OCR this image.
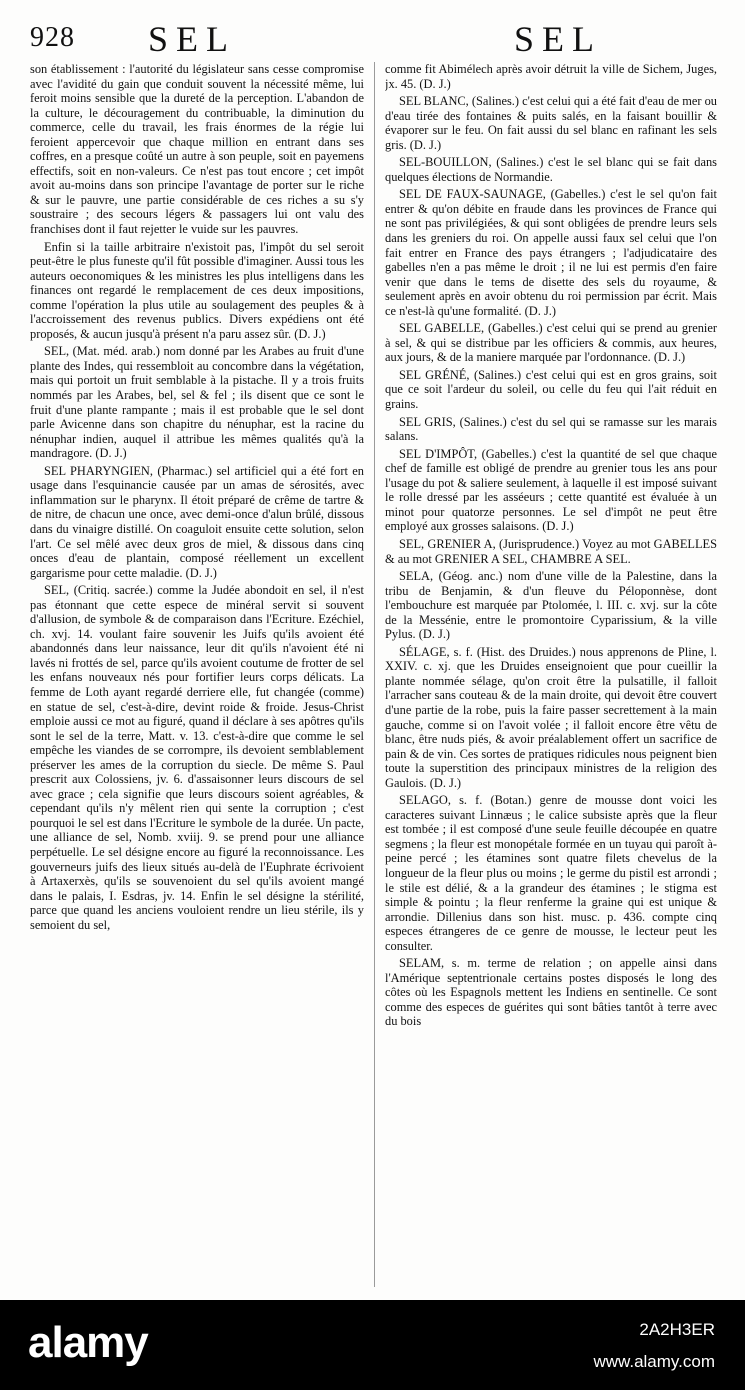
928 SEL	SEL

son établissement : l'autorité du législateur sans cesse compromise avec l'avidité du gain que conduit souvent la nécessité même, lui feroit moins sensible que la dureté de la perception. L'abandon de la culture, le découragement du contribuable, la diminution du commerce, celle du travail, les frais énormes de la régie lui feroient appercevoir que chaque million en entrant dans ses coffres, en a presque coûté un autre à son peuple, soit en payemens effectifs, soit en non-valeurs. Ce n'est pas tout encore ; cet impôt avoit au-moins dans son principe l'avantage de porter sur le riche & sur le pauvre, une partie considérable de ces riches a su s'y soustraire ; des secours légers & passagers lui ont valu des franchises dont il faut rejetter le vuide sur les pauvres.

Enfin si la taille arbitraire n'existoit pas, l'impôt du sel seroit peut-être le plus funeste qu'il fût possible d'imaginer. Aussi tous les auteurs oeconomiques & les ministres les plus intelligens dans les finances ont regardé le remplacement de ces deux impositions, comme l'opération la plus utile au soulagement des peuples & à l'accroissement des revenus publics. Divers expédiens ont été proposés, & aucun jusqu'à présent n'a paru assez sûr. (D. J.)

SEL, (Mat. méd. arab.) nom donné par les Arabes au fruit d'une plante des Indes, qui ressembloit au concombre dans la végétation, mais qui portoit un fruit semblable à la pistache. Il y a trois fruits nommés par les Arabes, bel, sel & fel ; ils disent que ce sont le fruit d'une plante rampante ; mais il est probable que le sel dont parle Avicenne dans son chapitre du nénuphar, est la racine du nénuphar indien, auquel il attribue les mêmes qualités qu'à la mandragore. (D. J.)

SEL PHARYNGIEN, (Pharmac.) sel artificiel qui a été fort en usage dans l'esquinancie causée par un amas de sérosités, avec inflammation sur le pharynx. Il étoit préparé de crême de tartre & de nitre, de chacun une once, avec demi-once d'alun brûlé, dissous dans du vinaigre distillé. On coaguloit ensuite cette solution, selon l'art. Ce sel mêlé avec deux gros de miel, & dissous dans cinq onces d'eau de plantain, composé réellement un excellent gargarisme pour cette maladie. (D. J.)

SEL, (Critiq. sacrée.) comme la Judée abondoit en sel, il n'est pas étonnant que cette espece de minéral servit si souvent d'allusion, de symbole & de comparaison dans l'Ecriture. Ezéchiel, ch. xvj. 14. voulant faire souvenir les Juifs qu'ils avoient été abandonnés dans leur naissance, leur dit qu'ils n'avoient été ni lavés ni frottés de sel, parce qu'ils avoient coutume de frotter de sel les enfans nouveaux nés pour fortifier leurs corps délicats. La femme de Loth ayant regardé derriere elle, fut changée (comme) en statue de sel, c'est-à-dire, devint roide & froide. Jesus-Christ emploie aussi ce mot au figuré, quand il déclare à ses apôtres qu'ils sont le sel de la terre, Matt. v. 13. c'est-à-dire que comme le sel empêche les viandes de se corrompre, ils devoient semblablement préserver les ames de la corruption du siecle. De même S. Paul prescrit aux Colossiens, jv. 6. d'assaisonner leurs discours de sel avec grace ; cela signifie que leurs discours soient agréables, & cependant qu'ils n'y mêlent rien qui sente la corruption ; c'est pourquoi le sel est dans l'Ecriture le symbole de la durée. Un pacte, une alliance de sel, Nomb. xviij. 9. se prend pour une alliance perpétuelle. Le sel désigne encore au figuré la reconnoissance. Les gouverneurs juifs des lieux situés au-delà de l'Euphrate écrivoient à Artaxerxès, qu'ils se souvenoient du sel qu'ils avoient mangé dans le palais, I. Esdras, jv. 14. Enfin le sel désigne la stérilité, parce que quand les anciens vouloient rendre un lieu stérile, ils y semoient du sel,

comme fit Abimélech après avoir détruit la ville de Sichem, Juges, jx. 45. (D. J.)

SEL BLANC, (Salines.) c'est celui qui a été fait d'eau de mer ou d'eau tirée des fontaines & puits salés, en la faisant bouillir & évaporer sur le feu. On fait aussi du sel blanc en rafinant les sels gris. (D. J.)

SEL-BOUILLON, (Salines.) c'est le sel blanc qui se fait dans quelques élections de Normandie.

SEL DE FAUX-SAUNAGE, (Gabelles.) c'est le sel qu'on fait entrer & qu'on débite en fraude dans les provinces de France qui ne sont pas privilégiées, & qui sont obligées de prendre leurs sels dans les greniers du roi. On appelle aussi faux sel celui que l'on fait entrer en France des pays étrangers ; l'adjudicataire des gabelles n'en a pas même le droit ; il ne lui est permis d'en faire venir que dans le tems de disette des sels du royaume, & seulement après en avoir obtenu du roi permission par écrit. Mais ce n'est-là qu'une formalité. (D. J.)

SEL GABELLE, (Gabelles.) c'est celui qui se prend au grenier à sel, & qui se distribue par les officiers & commis, aux heures, aux jours, & de la maniere marquée par l'ordonnance. (D. J.)

SEL GRÉNÉ, (Salines.) c'est celui qui est en gros grains, soit que ce soit l'ardeur du soleil, ou celle du feu qui l'ait réduit en grains.

SEL GRIS, (Salines.) c'est du sel qui se ramasse sur les marais salans.

SEL D'IMPÔT, (Gabelles.) c'est la quantité de sel que chaque chef de famille est obligé de prendre au grenier tous les ans pour l'usage du pot & saliere seulement, à laquelle il est imposé suivant le rolle dressé par les asséeurs ; cette quantité est évaluée à un minot pour quatorze personnes. Le sel d'impôt ne peut être employé aux grosses salaisons. (D. J.)

SEL, GRENIER A, (Jurisprudence.) Voyez au mot GABELLES & au mot GRENIER A SEL, CHAMBRE A SEL.

SELA, (Géog. anc.) nom d'une ville de la Palestine, dans la tribu de Benjamin, & d'un fleuve du Péloponnèse, dont l'embouchure est marquée par Ptolomée, l. III. c. xvj. sur la côte de la Messénie, entre le promontoire Cyparissium, & la ville Pylus. (D. J.)

SÉLAGE, s. f. (Hist. des Druides.) nous apprenons de Pline, l. XXIV. c. xj. que les Druides enseignoient que pour cueillir la plante nommée sélage, qu'on croit être la pulsatille, il falloit l'arracher sans couteau & de la main droite, qui devoit être couvert d'une partie de la robe, puis la faire passer secrettement à la main gauche, comme si on l'avoit volée ; il falloit encore être vêtu de blanc, être nuds piés, & avoir préalablement offert un sacrifice de pain & de vin. Ces sortes de pratiques ridicules nous peignent bien toute la superstition des principaux ministres de la religion des Gaulois. (D. J.)

SELAGO, s. f. (Botan.) genre de mousse dont voici les caracteres suivant Linnæus ; le calice subsiste après que la fleur est tombée ; il est composé d'une seule feuille découpée en quatre segmens ; la fleur est monopétale formée en un tuyau qui paroît à-peine percé ; les étamines sont quatre filets chevelus de la longueur de la fleur plus ou moins ; le germe du pistil est arrondi ; le stile est délié, & a la grandeur des étamines ; le stigma est simple & pointu ; la fleur renferme la graine qui est unique & arrondie. Dillenius dans son hist. musc. p. 436. compte cinq especes étrangeres de ce genre de mousse, le lecteur peut les consulter.

SELAM, s. m. terme de relation ; on appelle ainsi dans l'Amérique septentrionale certains postes disposés le long des côtes où les Espagnols mettent les Indiens en sentinelle. Ce sont comme des especes de guérites qui sont bâties tantôt à terre avec du bois

alamy	2A2H3ER
www.alamy.com
